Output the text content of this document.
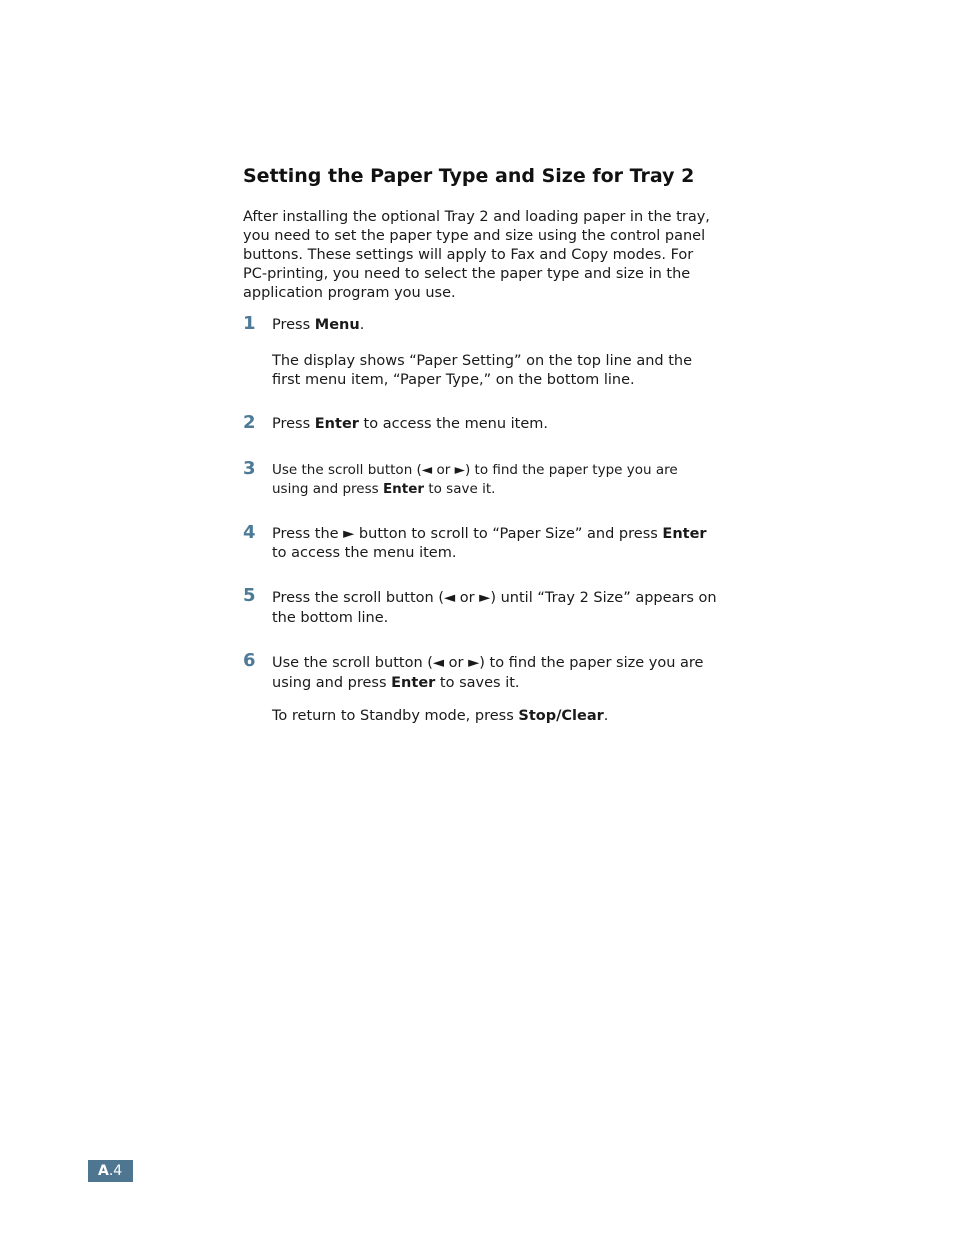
Setting the Paper Type and Size for Tray 2

After installing the optional Tray 2 and loading paper in the tray, you need to set the paper type and size using the control panel buttons. These settings will apply to Fax and Copy modes. For PC-printing, you need to select the paper type and size in the application program you use.

1 Press Menu.

The display shows “Paper Setting” on the top line and the first menu item, “Paper Type,” on the bottom line.

2 Press Enter to access the menu item.

3 Use the scroll button (◄ or ►) to find the paper type you are using and press Enter to save it.

4 Press the ► button to scroll to “Paper Size” and press Enter to access the menu item.

5 Press the scroll button (◄ or ►) until “Tray 2 Size” appears on the bottom line.

6 Use the scroll button (◄ or ►) to find the paper size you are using and press Enter to saves it.

To return to Standby mode, press Stop/Clear.

A.4
